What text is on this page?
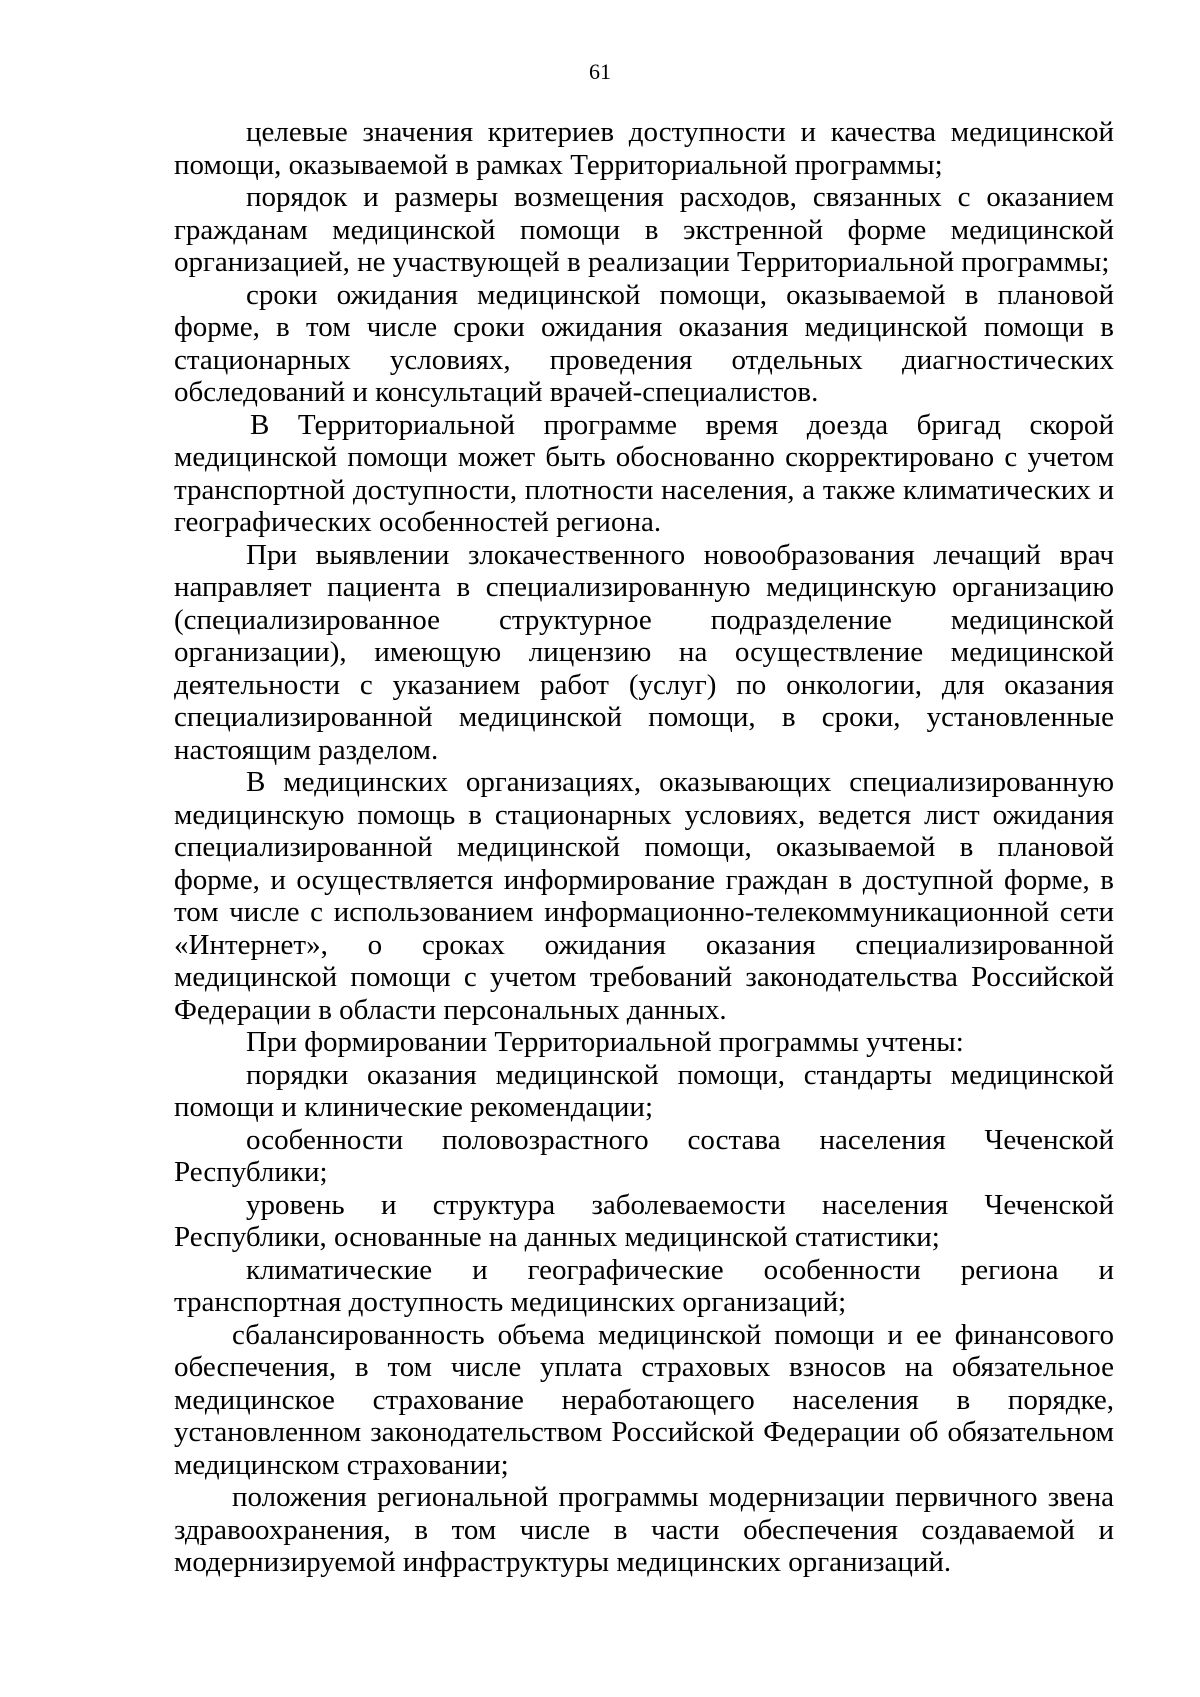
61

целевые значения критериев доступности и качества медицинской помощи, оказываемой в рамках Территориальной программы;

порядок и размеры возмещения расходов, связанных с оказанием гражданам медицинской помощи в экстренной форме медицинской организацией, не участвующей в реализации Территориальной программы;

сроки ожидания медицинской помощи, оказываемой в плановой форме, в том числе сроки ожидания оказания медицинской помощи в стационарных условиях, проведения отдельных диагностических обследований и консультаций врачей-специалистов.

В Территориальной программе время доезда бригад скорой медицинской помощи может быть обоснованно скорректировано с учетом транспортной доступности, плотности населения, а также климатических и географических особенностей региона.

При выявлении злокачественного новообразования лечащий врач направляет пациента в специализированную медицинскую организацию (специализированное структурное подразделение медицинской организации), имеющую лицензию на осуществление медицинской деятельности с указанием работ (услуг) по онкологии, для оказания специализированной медицинской помощи, в сроки, установленные настоящим разделом.

В медицинских организациях, оказывающих специализированную медицинскую помощь в стационарных условиях, ведется лист ожидания специализированной медицинской помощи, оказываемой в плановой форме, и осуществляется информирование граждан в доступной форме, в том числе с использованием информационно-телекоммуникационной сети «Интернет», о сроках ожидания оказания специализированной медицинской помощи с учетом требований законодательства Российской Федерации в области персональных данных.

При формировании Территориальной программы учтены:

порядки оказания медицинской помощи, стандарты медицинской помощи и клинические рекомендации;

особенности половозрастного состава населения Чеченской Республики;

уровень и структура заболеваемости населения Чеченской Республики, основанные на данных медицинской статистики;

климатические и географические особенности региона и транспортная доступность медицинских организаций;

сбалансированность объема медицинской помощи и ее финансового обеспечения, в том числе уплата страховых взносов на обязательное медицинское страхование неработающего населения в порядке, установленном законодательством Российской Федерации об обязательном медицинском страховании;

положения региональной программы модернизации первичного звена здравоохранения, в том числе в части обеспечения создаваемой и модернизируемой инфраструктуры медицинских организаций.
